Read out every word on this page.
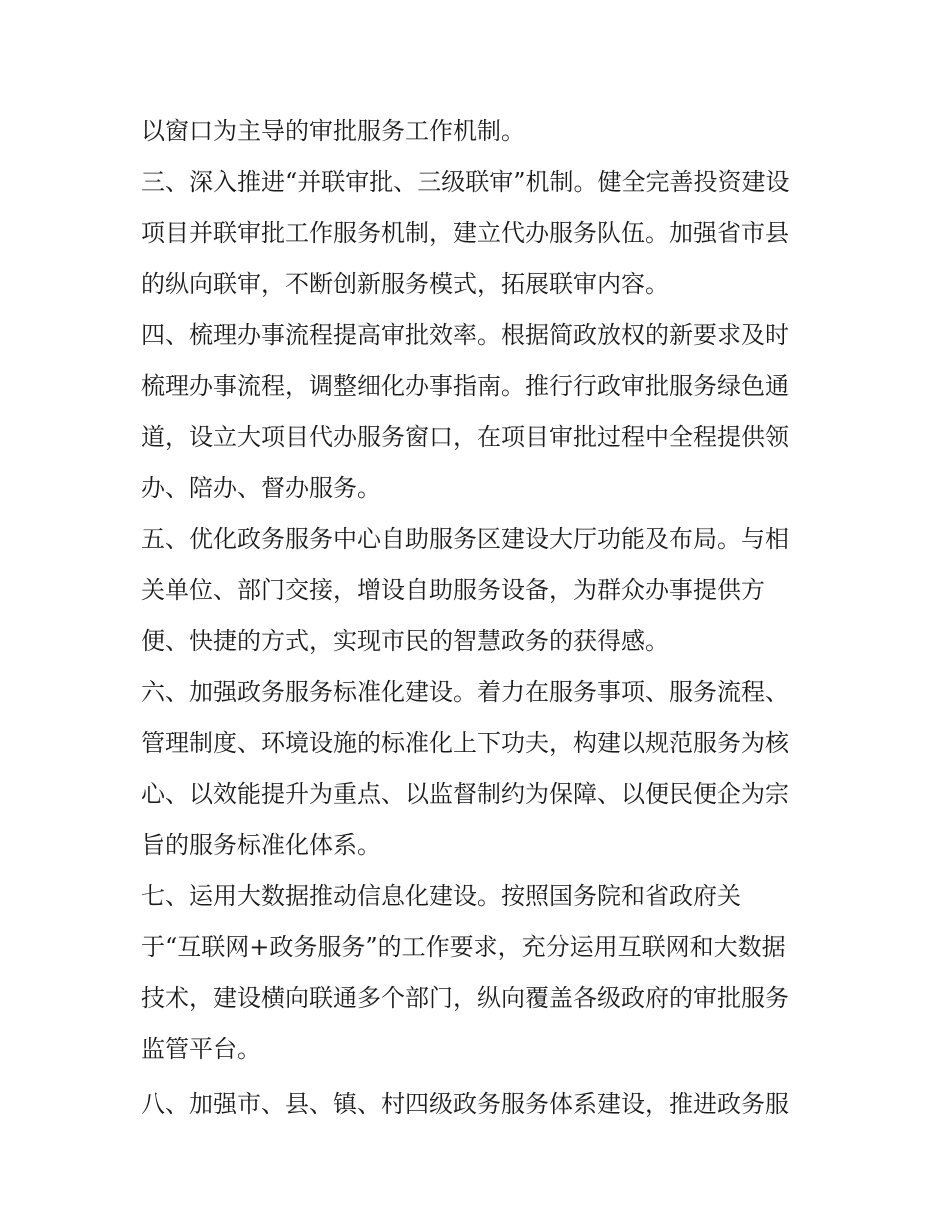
以窗口为主导的审批服务工作机制。
三、深入推进“并联审批、三级联审”机制。健全完善投资建设
项目并联审批工作服务机制，建立代办服务队伍。加强省市县
的纵向联审，不断创新服务模式，拓展联审内容。
四、梳理办事流程提高审批效率。根据简政放权的新要求及时
梳理办事流程，调整细化办事指南。推行行政审批服务绿色通
道，设立大项目代办服务窗口，在项目审批过程中全程提供领
办、陪办、督办服务。
五、优化政务服务中心自助服务区建设大厅功能及布局。与相
关单位、部门交接，增设自助服务设备，为群众办事提供方
便、快捷的方式，实现市民的智慧政务的获得感。
六、加强政务服务标准化建设。着力在服务事项、服务流程、
管理制度、环境设施的标准化上下功夫，构建以规范服务为核
心、以效能提升为重点、以监督制约为保障、以便民便企为宗
旨的服务标准化体系。
七、运用大数据推动信息化建设。按照国务院和省政府关
于“互联网+政务服务”的工作要求，充分运用互联网和大数据
技术，建设横向联通多个部门，纵向覆盖各级政府的审批服务
监管平台。
八、加强市、县、镇、村四级政务服务体系建设，推进政务服
